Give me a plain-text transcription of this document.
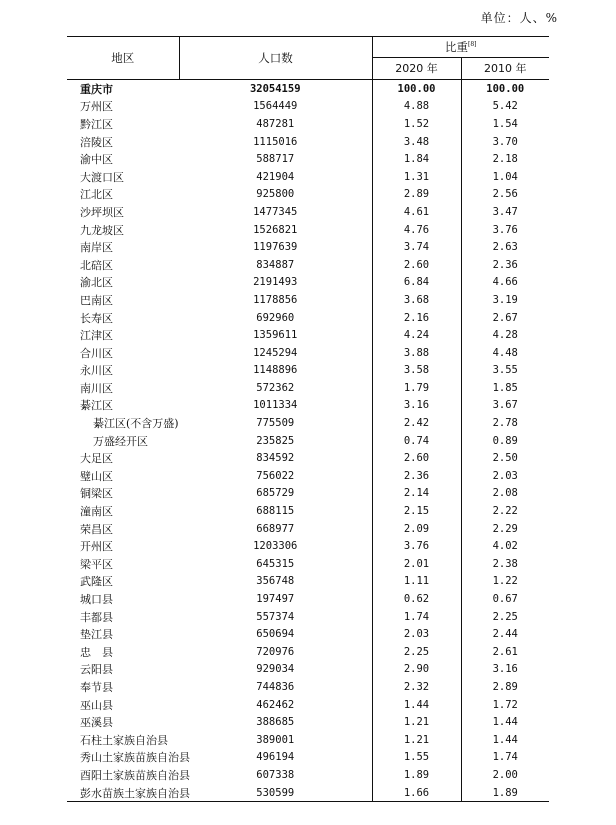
单位：人、%
地区	人口数	比重[8]
		2020 年	2010 年
重庆市	32054159	100.00	100.00
万州区	1564449	4.88	5.42
黔江区	487281	1.52	1.54
涪陵区	1115016	3.48	3.70
渝中区	588717	1.84	2.18
大渡口区	421904	1.31	1.04
江北区	925800	2.89	2.56
沙坪坝区	1477345	4.61	3.47
九龙坡区	1526821	4.76	3.76
南岸区	1197639	3.74	2.63
北碚区	834887	2.60	2.36
渝北区	2191493	6.84	4.66
巴南区	1178856	3.68	3.19
长寿区	692960	2.16	2.67
江津区	1359611	4.24	4.28
合川区	1245294	3.88	4.48
永川区	1148896	3.58	3.55
南川区	572362	1.79	1.85
綦江区	1011334	3.16	3.67
綦江区(不含万盛)	775509	2.42	2.78
万盛经开区	235825	0.74	0.89
大足区	834592	2.60	2.50
璧山区	756022	2.36	2.03
铜梁区	685729	2.14	2.08
潼南区	688115	2.15	2.22
荣昌区	668977	2.09	2.29
开州区	1203306	3.76	4.02
梁平区	645315	2.01	2.38
武隆区	356748	1.11	1.22
城口县	197497	0.62	0.67
丰都县	557374	1.74	2.25
垫江县	650694	2.03	2.44
忠　县	720976	2.25	2.61
云阳县	929034	2.90	3.16
奉节县	744836	2.32	2.89
巫山县	462462	1.44	1.72
巫溪县	388685	1.21	1.44
石柱土家族自治县	389001	1.21	1.44
秀山土家族苗族自治县	496194	1.55	1.74
酉阳土家族苗族自治县	607338	1.89	2.00
彭水苗族土家族自治县	530599	1.66	1.89
